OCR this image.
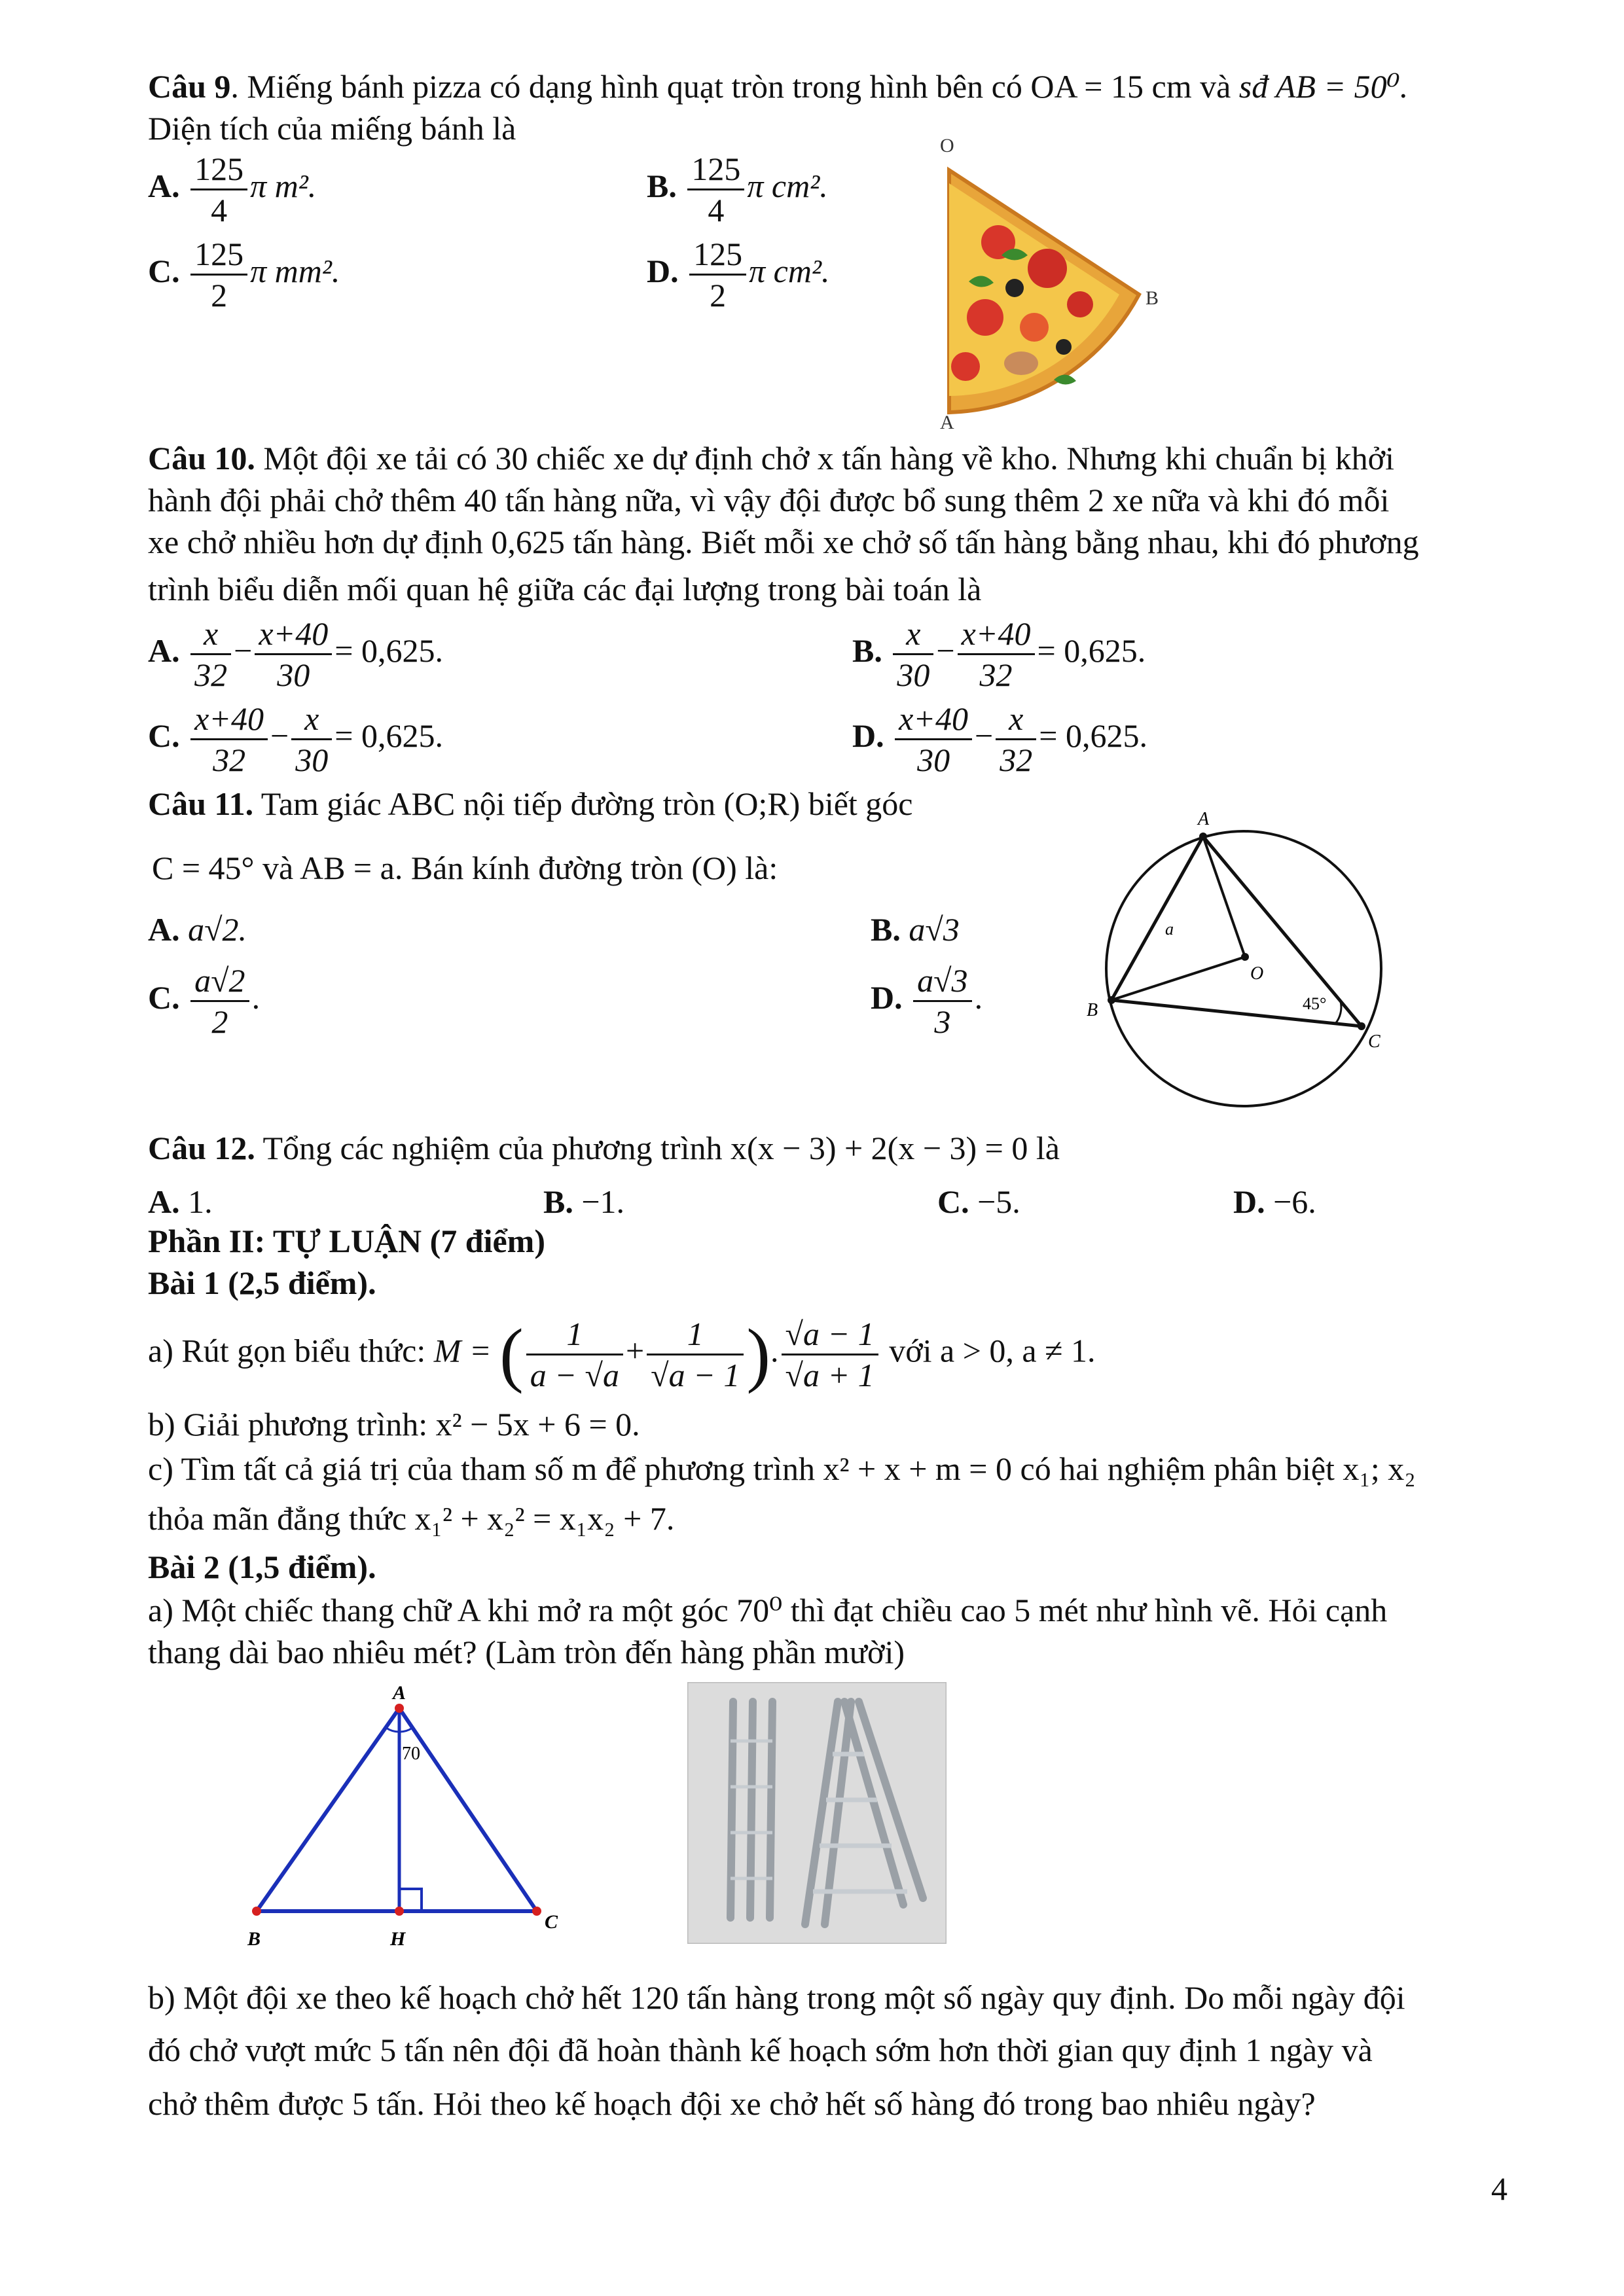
Câu 9. Miếng bánh pizza có dạng hình quạt tròn trong hình bên có OA = 15 cm và sđ AB = 50⁰.
Diện tích của miếng bánh là
A. $\frac{125}{4}$ π m².	B. $\frac{125}{4}$ π cm².
C. $\frac{125}{2}$ π mm².	D. $\frac{125}{2}$ π cm².
O
B
A
Câu 10. Một đội xe tải có 30 chiếc xe dự định chở x tấn hàng về kho. Nhưng khi chuẩn bị khởi
hành đội phải chở thêm 40 tấn hàng nữa, vì vậy đội được bổ sung thêm 2 xe nữa và khi đó mỗi
xe chở nhiều hơn dự định 0,625 tấn hàng. Biết mỗi xe chở số tấn hàng bằng nhau, khi đó phương
trình biểu diễn mối quan hệ giữa các đại lượng trong bài toán là
A. $\frac{x}{32} - \frac{x+40}{30} = 0,625$.	B. $\frac{x}{30} - \frac{x+40}{32} = 0,625$.
C. $\frac{x+40}{32} - \frac{x}{30} = 0,625$.	D. $\frac{x+40}{30} - \frac{x}{32} = 0,625$.
Câu 11. Tam giác ABC nội tiếp đường tròn (O;R) biết góc
C = 45° và AB = a. Bán kính đường tròn (O) là:
A. a√2.	B. a√3
C. $\frac{a√2}{2}$ .	D. $\frac{a√3}{3}$ .
A
B
C
O
a
45°
Câu 12. Tổng các nghiệm của phương trình x(x − 3) + 2(x − 3) = 0 là
A. 1.	B. −1.	C. −5.	D. −6.
Phần II: TỰ LUẬN (7 điểm)
Bài 1 (2,5 điểm).
a) Rút gọn biểu thức: M = ( $\frac{1}{a - √a} + \frac{1}{√a - 1}$ ). $\frac{√a - 1}{√a + 1}$ với a > 0, a ≠ 1.
b) Giải phương trình: x² − 5x + 6 = 0.
c) Tìm tất cả giá trị của tham số m để phương trình x² + x + m = 0 có hai nghiệm phân biệt x₁; x₂
thỏa mãn đẳng thức x₁² + x₂² = x₁x₂ + 7.
Bài 2 (1,5 điểm).
a) Một chiếc thang chữ A khi mở ra một góc 70⁰ thì đạt chiều cao 5 mét như hình vẽ. Hỏi cạnh
thang dài bao nhiêu mét? (Làm tròn đến hàng phần mười)
A
B	H
C
70
b) Một đội xe theo kế hoạch chở hết 120 tấn hàng trong một số ngày quy định. Do mỗi ngày đội
đó chở vượt mức 5 tấn nên đội đã hoàn thành kế hoạch sớm hơn thời gian quy định 1 ngày và
chở thêm được 5 tấn. Hỏi theo kế hoạch đội xe chở hết số hàng đó trong bao nhiêu ngày?
4
